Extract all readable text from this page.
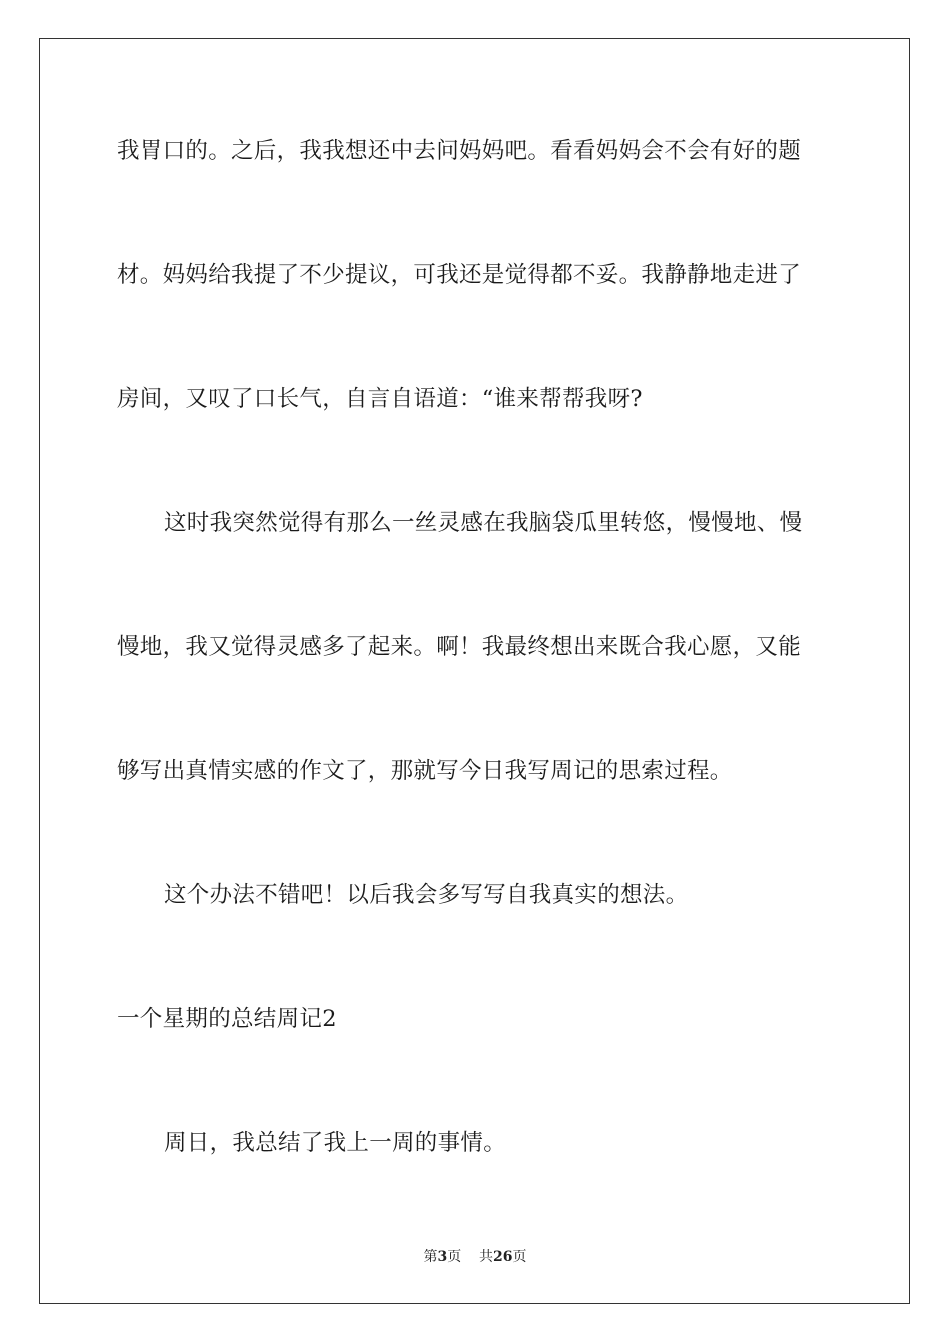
我胃口的。之后，我我想还中去问妈妈吧。看看妈妈会不会有好的题
材。妈妈给我提了不少提议，可我还是觉得都不妥。我静静地走进了
房间，又叹了口长气，自言自语道：“谁来帮帮我呀?
这时我突然觉得有那么一丝灵感在我脑袋瓜里转悠，慢慢地、慢
慢地，我又觉得灵感多了起来。啊！我最终想出来既合我心愿，又能
够写出真情实感的作文了，那就写今日我写周记的思索过程。
这个办法不错吧！以后我会多写写自我真实的想法。
一个星期的总结周记2
周日，我总结了我上一周的事情。
第3页 共26页
